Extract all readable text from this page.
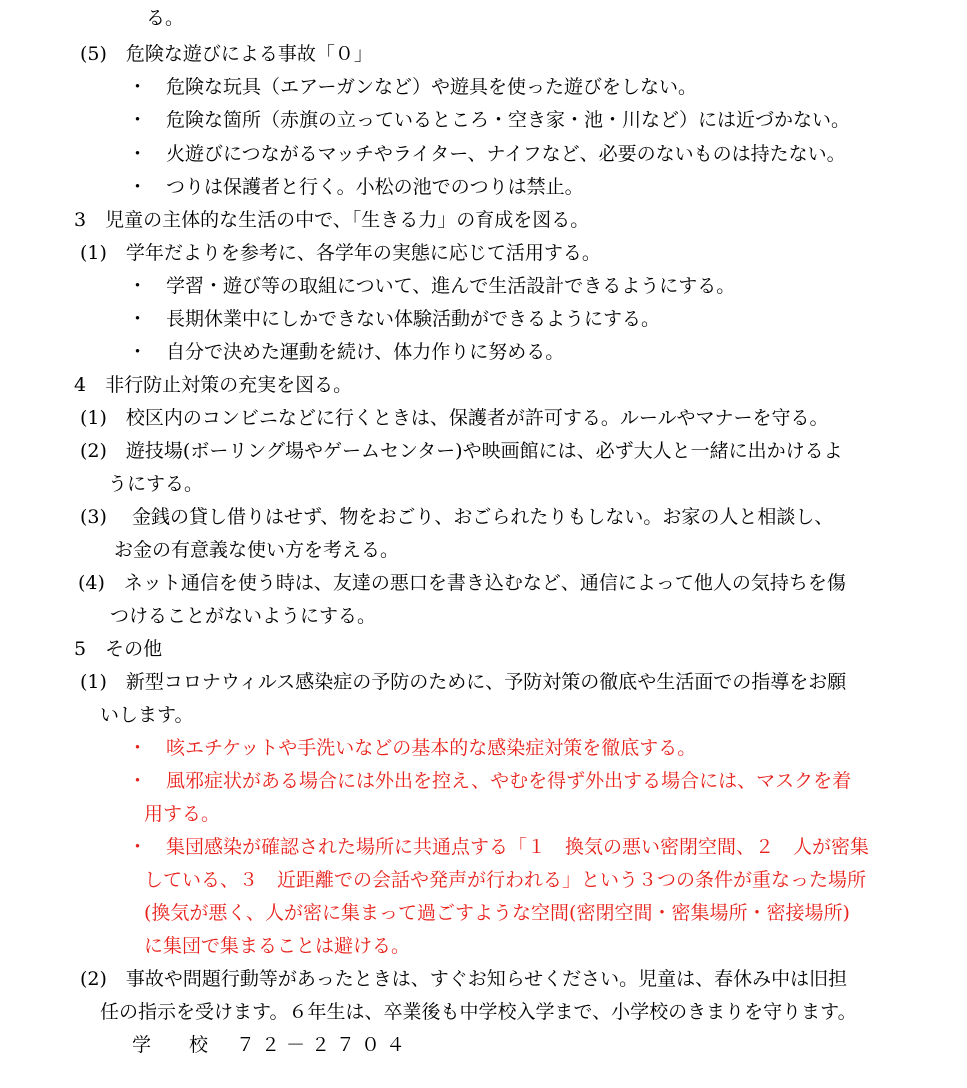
る。
(5)　危険な遊びによる事故「０」
・　危険な玩具（エアーガンなど）や遊具を使った遊びをしない。
・　危険な箇所（赤旗の立っているところ・空き家・池・川など）には近づかない。
・　火遊びにつながるマッチやライター、ナイフなど、必要のないものは持たない。
・　つりは保護者と行く。小松の池でのつりは禁止。
3　児童の主体的な生活の中で、「生きる力」の育成を図る。
(1)　学年だよりを参考に、各学年の実態に応じて活用する。
・　学習・遊び等の取組について、進んで生活設計できるようにする。
・　長期休業中にしかできない体験活動ができるようにする。
・　自分で決めた運動を続け、体力作りに努める。
4　非行防止対策の充実を図る。
(1)　校区内のコンビニなどに行くときは、保護者が許可する。ルールやマナーを守る。
(2)　遊技場(ボーリング場やゲームセンター)や映画館には、必ず大人と一緒に出かけるよ
うにする。
(3)　 金銭の貸し借りはせず、物をおごり、おごられたりもしない。お家の人と相談し、
お金の有意義な使い方を考える。
(4)　ネット通信を使う時は、友達の悪口を書き込むなど、通信によって他人の気持ちを傷
つけることがないようにする。
5　その他
(1)　新型コロナウィルス感染症の予防のために、予防対策の徹底や生活面での指導をお願
いします。
・　咳エチケットや手洗いなどの基本的な感染症対策を徹底する。
・　風邪症状がある場合には外出を控え、やむを得ず外出する場合には、マスクを着
用する。
・　集団感染が確認された場所に共通点する「１　換気の悪い密閉空間、２　人が密集
している、３　近距離での会話や発声が行われる」という３つの条件が重なった場所
(換気が悪く、人が密に集まって過ごすような空間(密閉空間・密集場所・密接場所)
に集団で集まることは避ける。
(2)　事故や問題行動等があったときは、すぐお知らせください。児童は、春休み中は旧担
任の指示を受けます。６年生は、卒業後も中学校入学まで、小学校のきまりを守ります。
学　　校 ７２－２７０４
